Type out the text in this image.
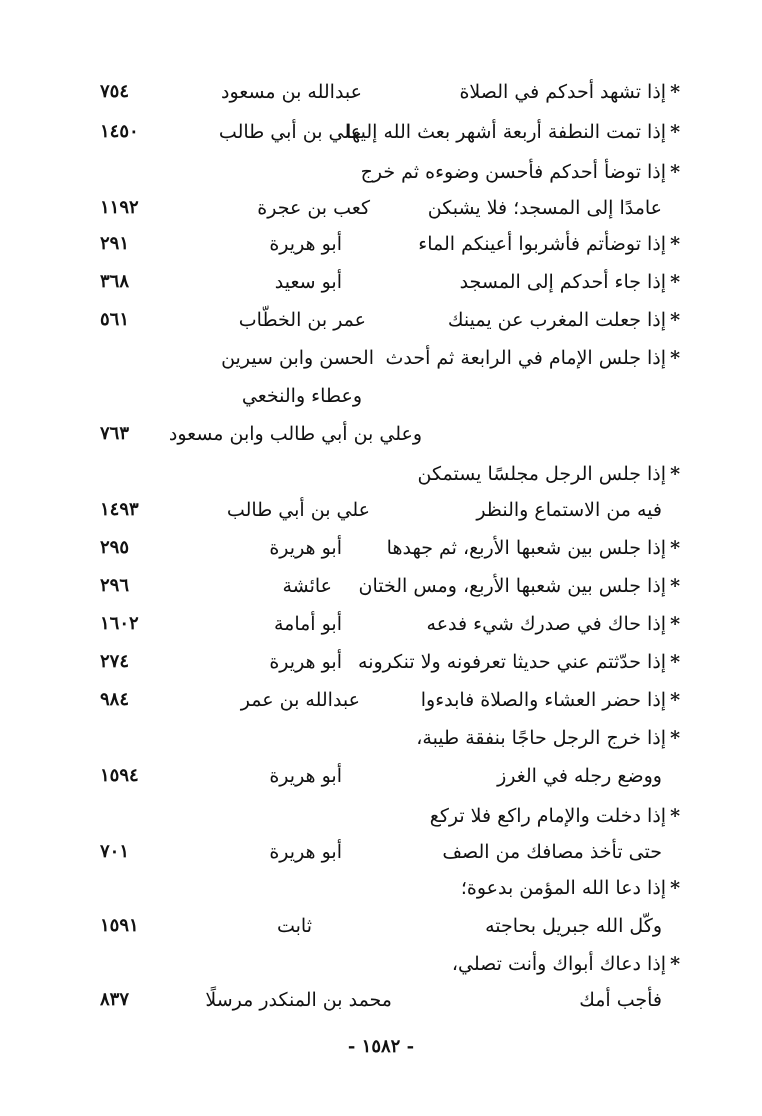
*إذا تشهد أحدكم في الصلاة
عبدالله بن مسعود
٧٥٤
*إذا تمت النطفة أربعة أشهر بعث الله إليها
علي بن أبي طالب
١٤٥٠
*إذا توضأ أحدكم فأحسن وضوءه ثم خرج
عامدًا إلى المسجد؛ فلا يشبكن
كعب بن عجرة
١١٩٢
*إذا توضأتم فأشربوا أعينكم الماء
أبو هريرة
٢٩١
*إذا جاء أحدكم إلى المسجد
أبو سعيد
٣٦٨
*إذا جعلت المغرب عن يمينك
عمر بن الخطّاب
٥٦١
*إذا جلس الإمام في الرابعة ثم أحدث
الحسن وابن سيرين
وعطاء والنخعي
وعلي بن أبي طالب وابن مسعود
٧٦٣
*إذا جلس الرجل مجلسًا يستمكن
فيه من الاستماع والنظر
علي بن أبي طالب
١٤٩٣
*إذا جلس بين شعبها الأربع، ثم جهدها
أبو هريرة
٢٩٥
*إذا جلس بين شعبها الأربع، ومس الختان
عائشة
٢٩٦
*إذا حاك في صدرك شيء فدعه
أبو أمامة
١٦٠٢
*إذا حدّثتم عني حديثا تعرفونه ولا تنكرونه
أبو هريرة
٢٧٤
*إذا حضر العشاء والصلاة فابدءوا
عبدالله بن عمر
٩٨٤
*إذا خرج الرجل حاجًا بنفقة طيبة،
ووضع رجله في الغرز
أبو هريرة
١٥٩٤
*إذا دخلت والإمام راكع فلا تركع
حتى تأخذ مصافك من الصف
أبو هريرة
٧٠١
*إذا دعا الله المؤمن بدعوة؛
وكّل الله جبريل بحاجته
ثابت
١٥٩١
*إذا دعاك أبواك وأنت تصلي،
فأجب أمك
محمد بن المنكدر مرسلًا
٨٣٧
- ١٥٨٢ -
